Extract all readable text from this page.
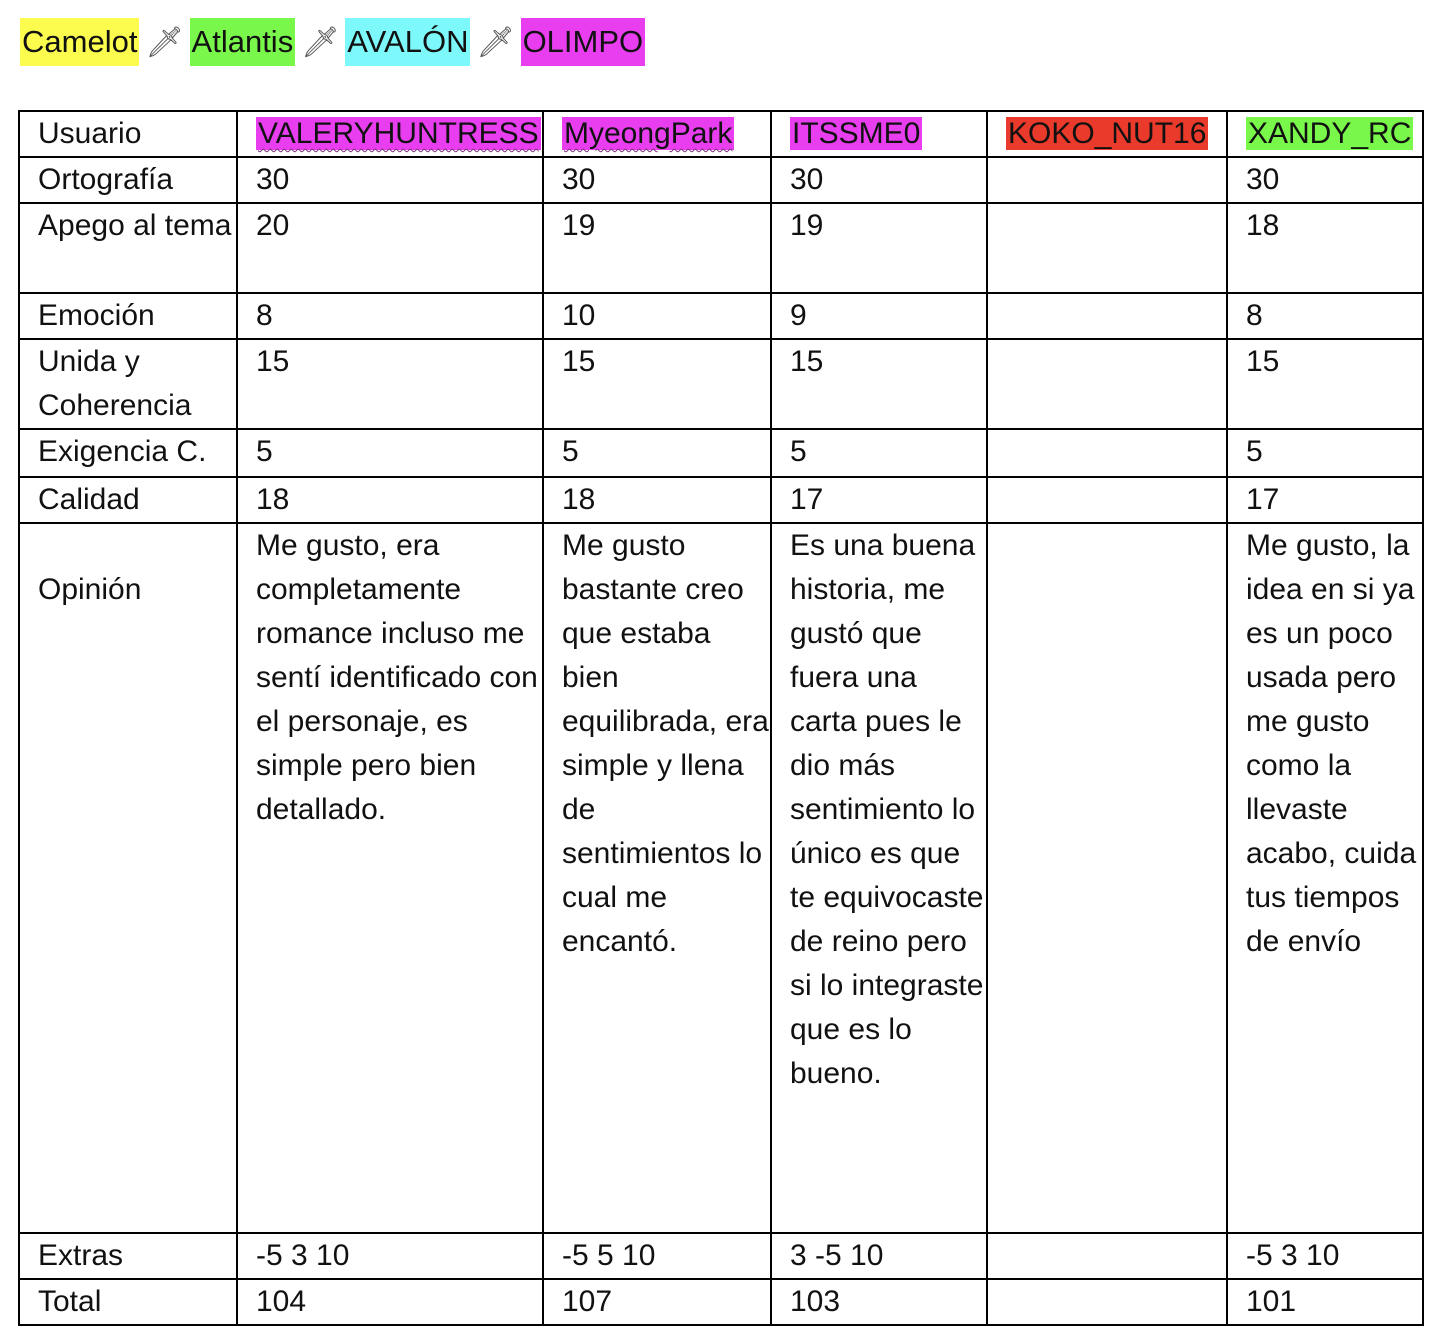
Camelot 🗡 Atlantis 🗡 AVALÓN 🗡 OLIMPO
Usuario	VALERYHUNTRESS	MyeongPark	ITSSME0	KOKO_NUT16	XANDY_RC
Ortografía	30	30	30		30
Apego al tema	20	19	19		18
Emoción	8	10	9		8
Unida y Coherencia	15	15	15		15
Exigencia C.	5	5	5		5
Calidad	18	18	17		17
Opinión	Me gusto, era completamente romance incluso me sentí identificado con el personaje, es simple pero bien detallado.	Me gusto bastante creo que estaba bien equilibrada, era simple y llena de sentimientos lo cual me encantó.	Es una buena historia, me gustó que fuera una carta pues le dio más sentimiento lo único es que te equivocaste de reino pero si lo integraste que es lo bueno.		Me gusto, la idea en si ya es un poco usada pero me gusto como la llevaste acabo, cuida tus tiempos de envío
Extras	-5 3 10	-5 5 10	3 -5 10		-5 3 10
Total	104	107	103		101
